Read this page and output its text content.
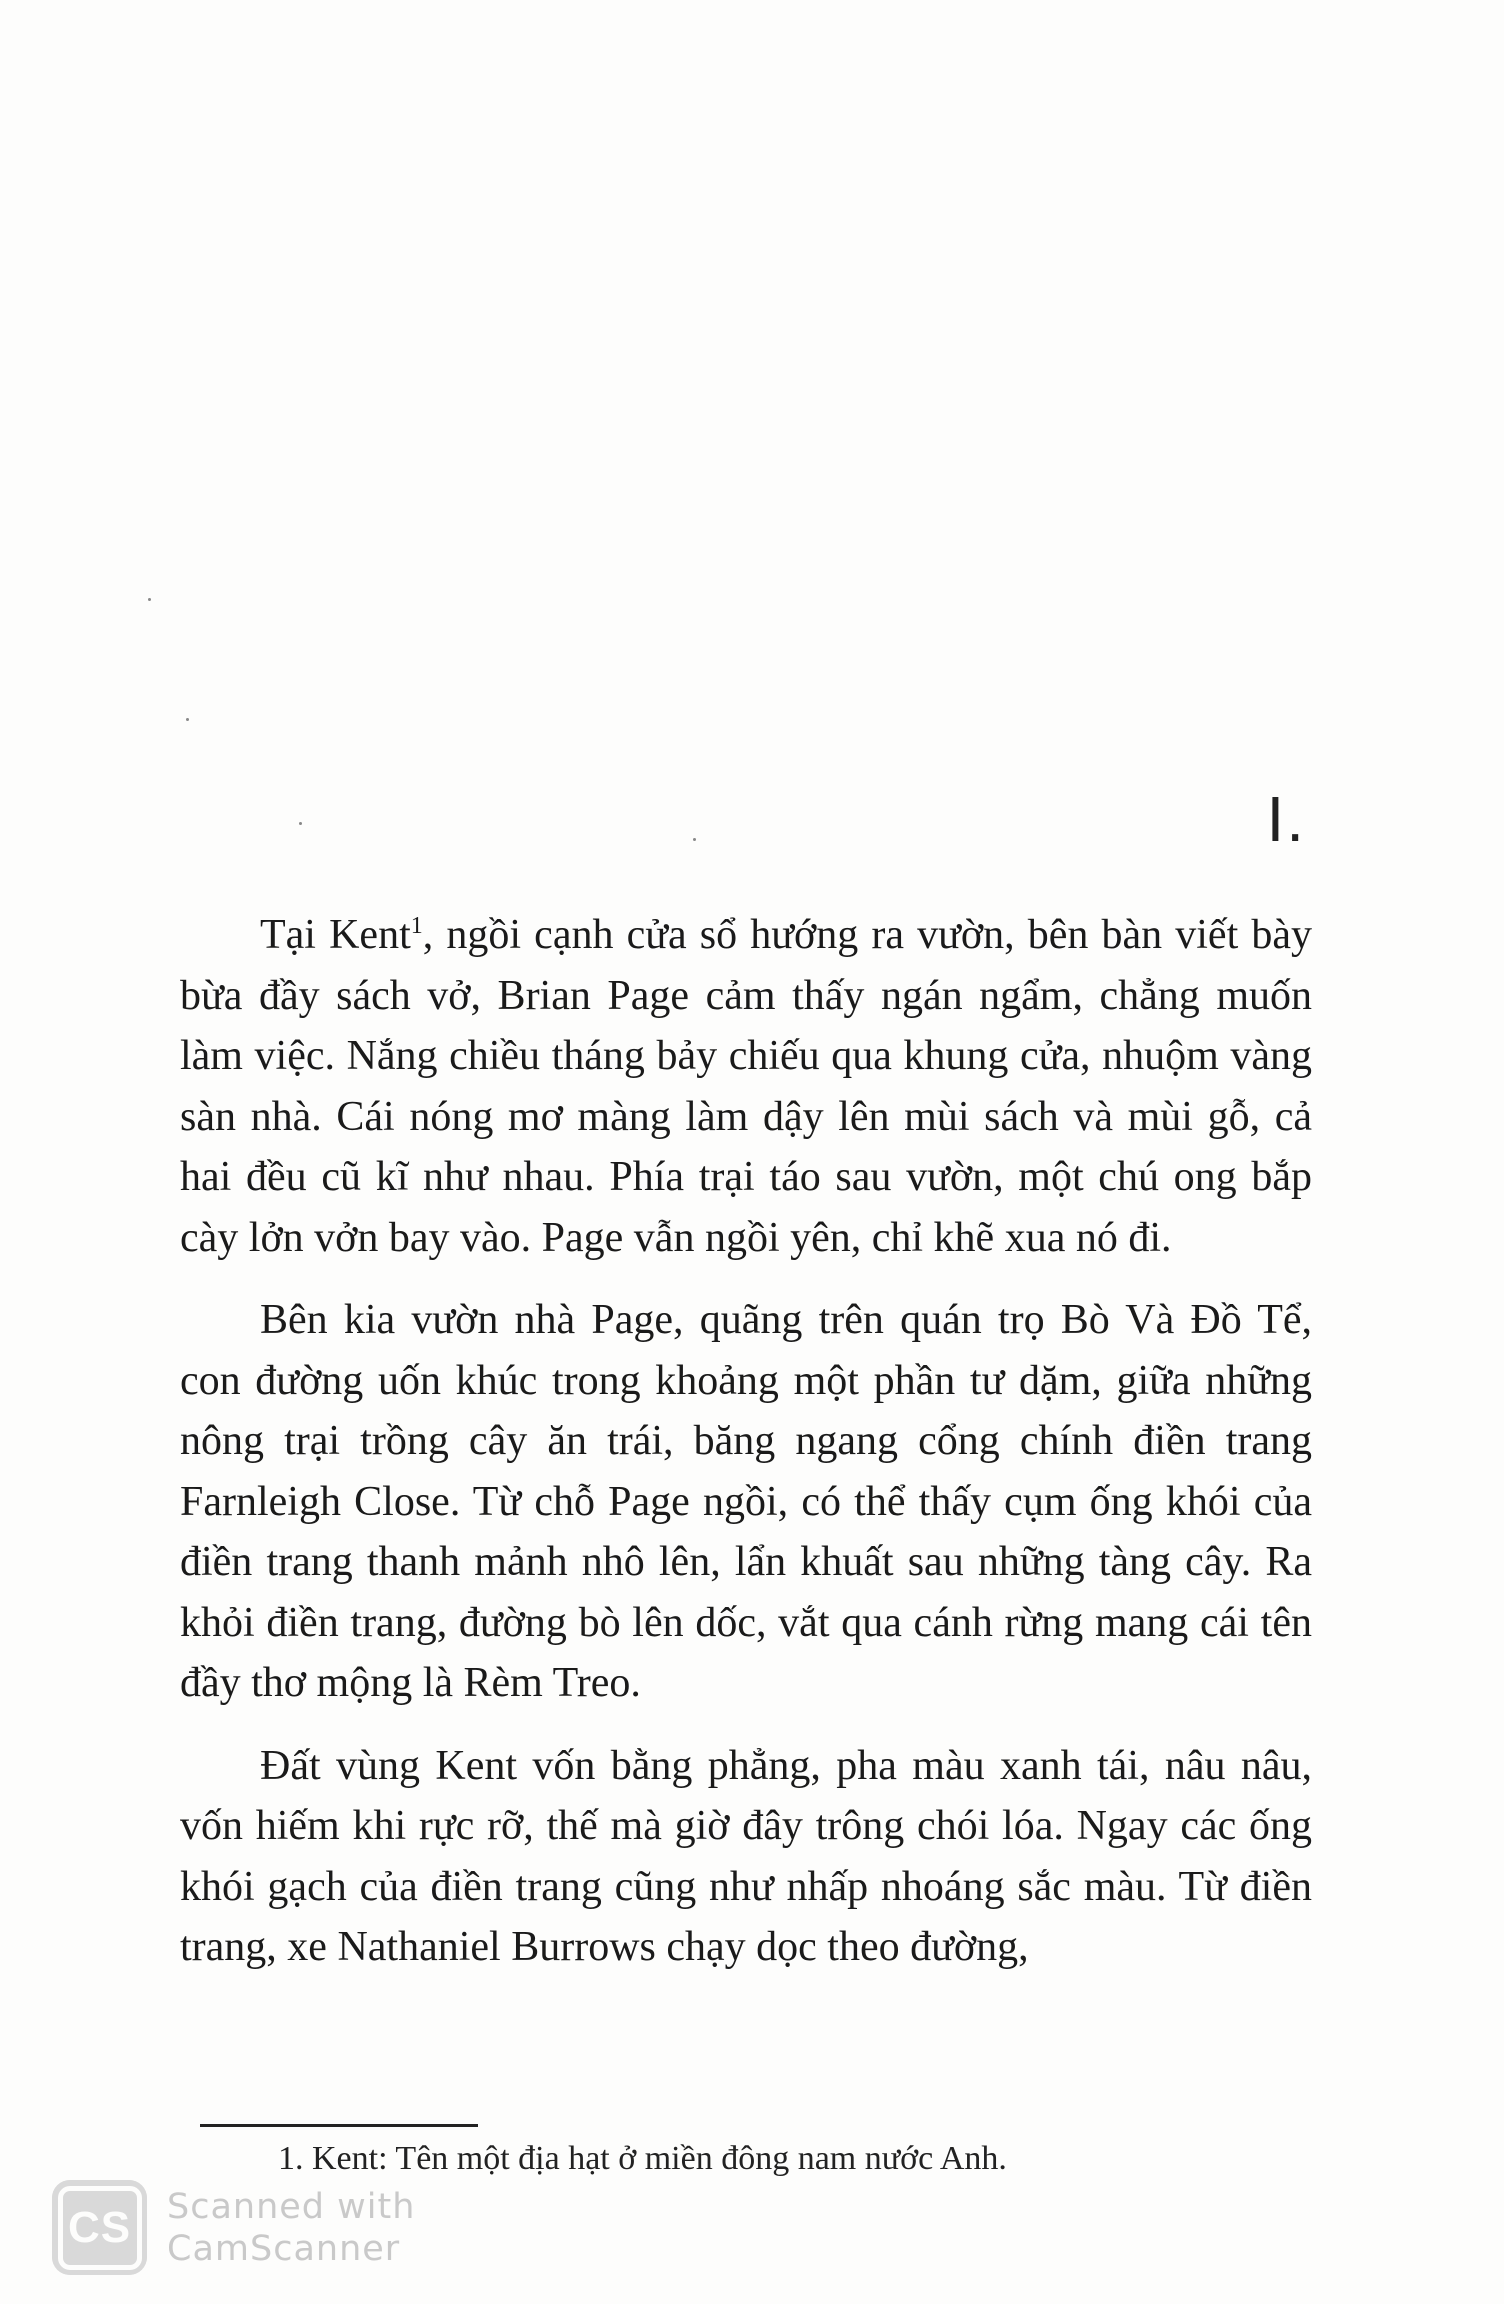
I.

Tại Kent$^1$, ngồi cạnh cửa sổ hướng ra vườn, bên bàn viết bày bừa đầy sách vở, Brian Page cảm thấy ngán ngẩm, chẳng muốn làm việc. Nắng chiều tháng bảy chiếu qua khung cửa, nhuộm vàng sàn nhà. Cái nóng mơ màng làm dậy lên mùi sách và mùi gỗ, cả hai đều cũ kĩ như nhau. Phía trại táo sau vườn, một chú ong bắp cày lởn vởn bay vào. Page vẫn ngồi yên, chỉ khẽ xua nó đi.

Bên kia vườn nhà Page, quãng trên quán trọ Bò Và Đồ Tể, con đường uốn khúc trong khoảng một phần tư dặm, giữa những nông trại trồng cây ăn trái, băng ngang cổng chính điền trang Farnleigh Close. Từ chỗ Page ngồi, có thể thấy cụm ống khói của điền trang thanh mảnh nhô lên, lẩn khuất sau những tàng cây. Ra khỏi điền trang, đường bò lên dốc, vắt qua cánh rừng mang cái tên đầy thơ mộng là Rèm Treo.

Đất vùng Kent vốn bằng phẳng, pha màu xanh tái, nâu nâu, vốn hiếm khi rực rỡ, thế mà giờ đây trông chói lóa. Ngay các ống khói gạch của điền trang cũng như nhấp nhoáng sắc màu. Từ điền trang, xe Nathaniel Burrows chạy dọc theo đường,

1. Kent: Tên một địa hạt ở miền đông nam nước Anh.
CS Scanned with
CamScanner
